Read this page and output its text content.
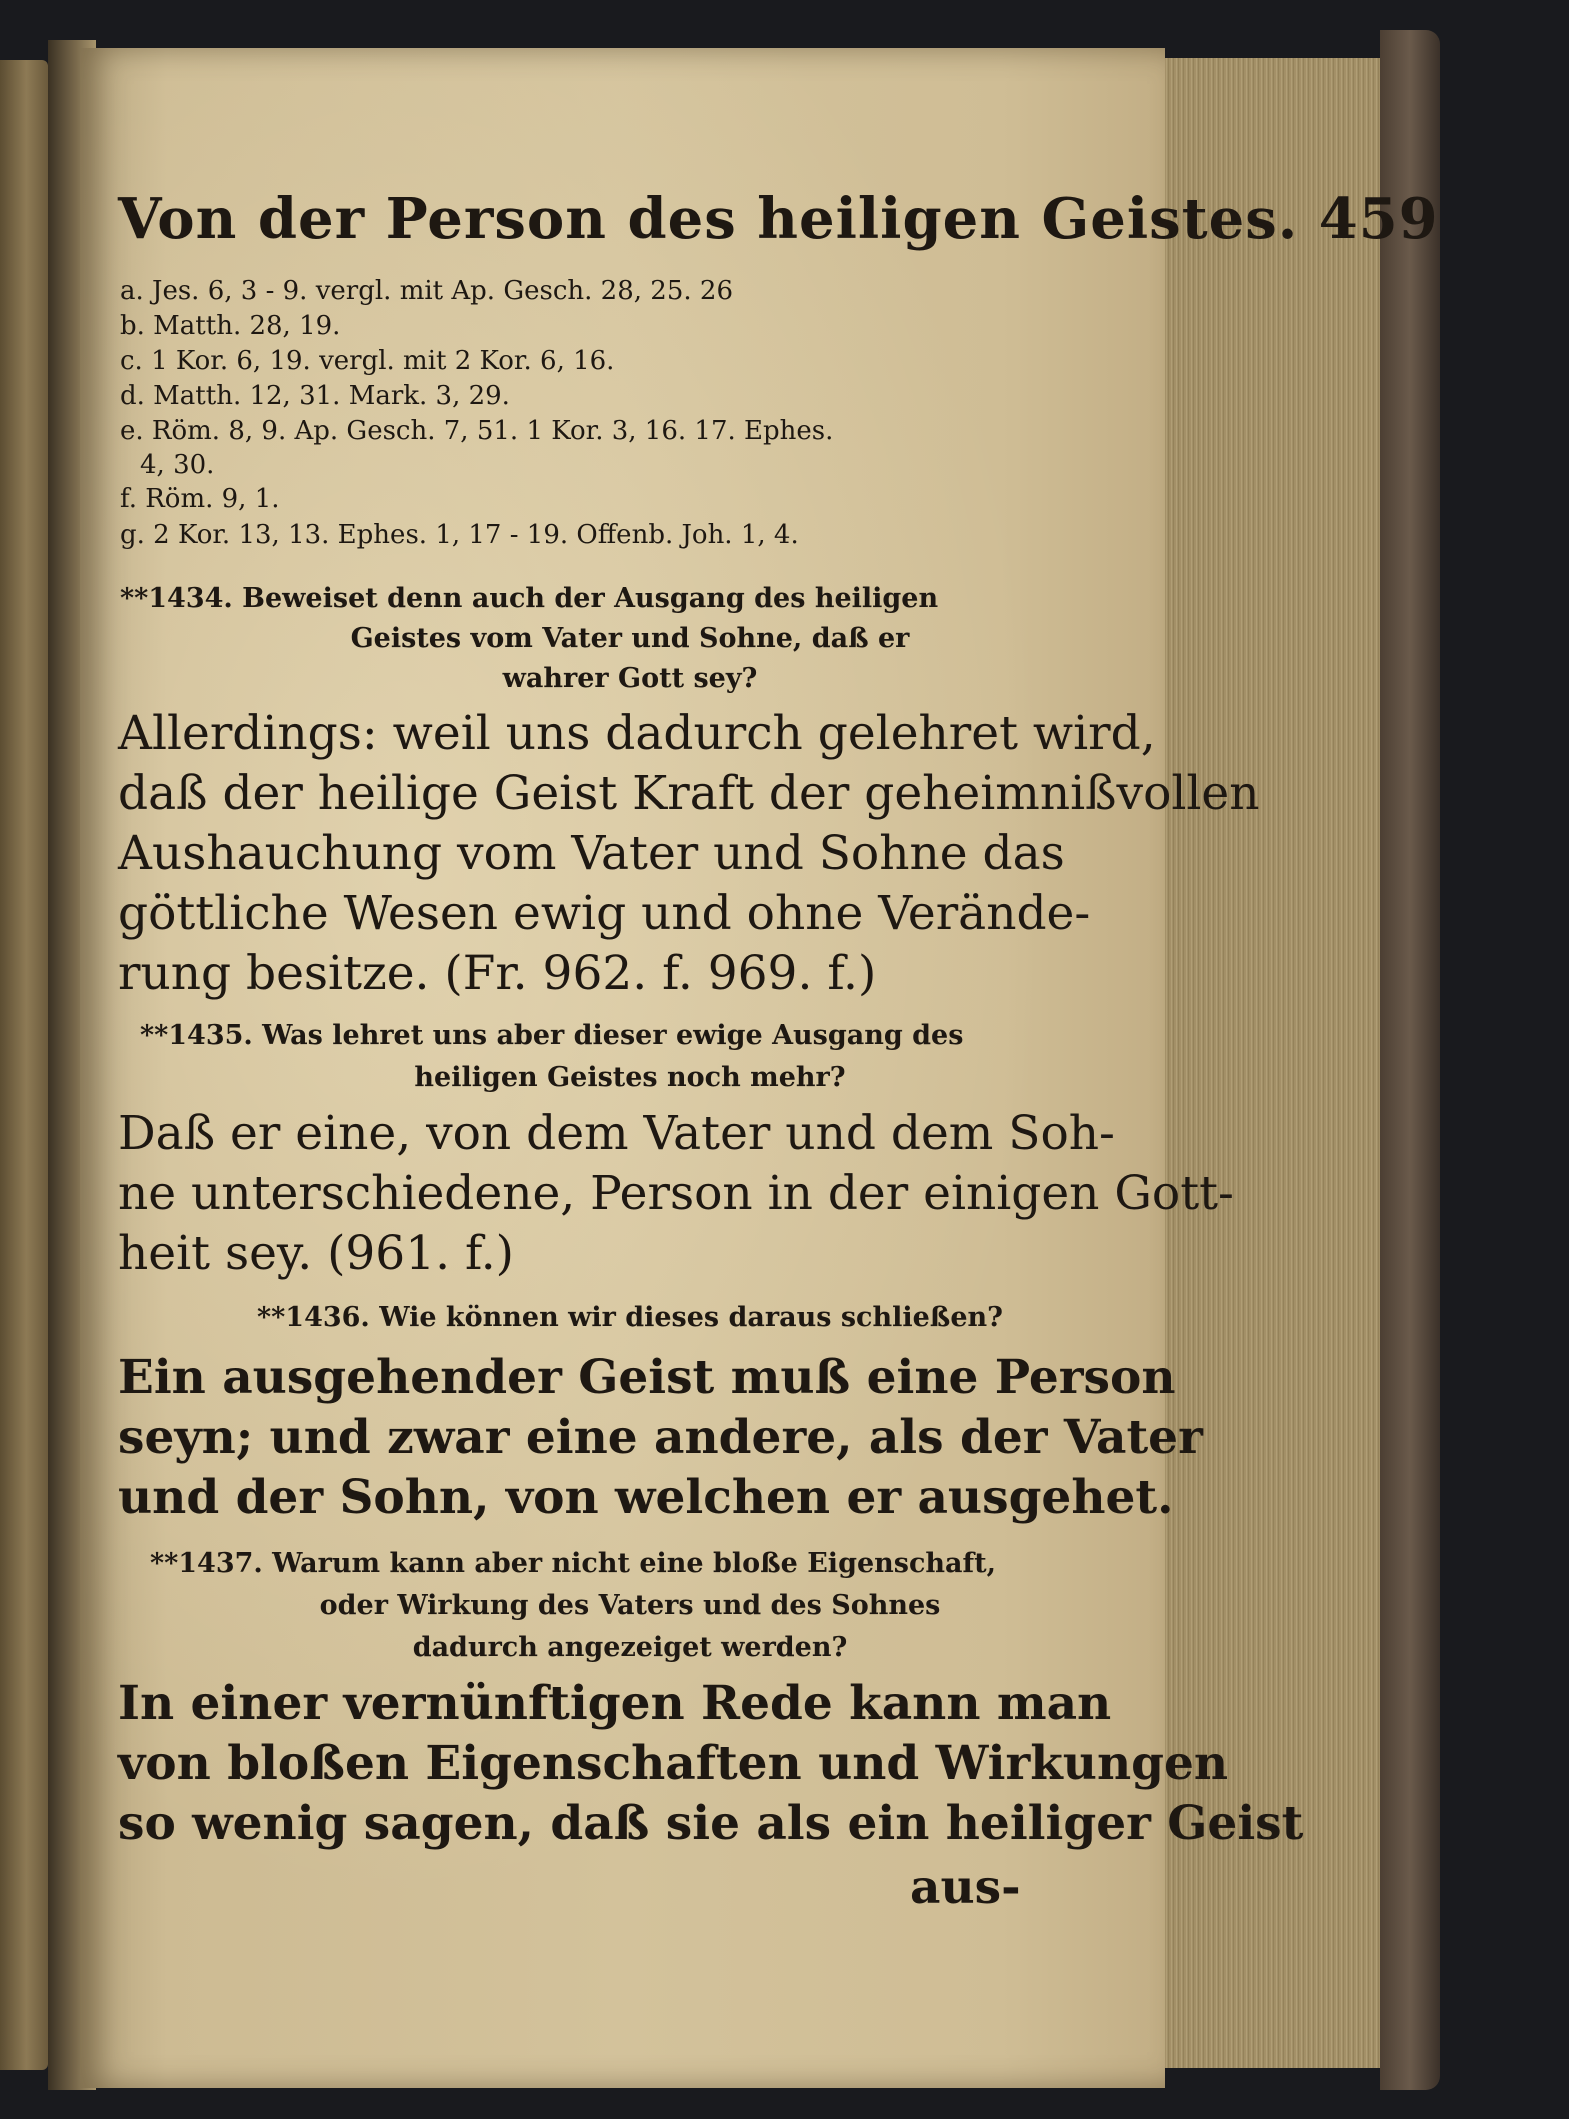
Von der Person des heiligen Geistes. 459
a. Jes. 6, 3 - 9. vergl. mit Ap. Gesch. 28, 25. 26
b. Matth. 28, 19.
c. 1 Kor. 6, 19. vergl. mit 2 Kor. 6, 16.
d. Matth. 12, 31. Mark. 3, 29.
e. Röm. 8, 9. Ap. Gesch. 7, 51. 1 Kor. 3, 16. 17. Ephes.
4, 30.
f. Röm. 9, 1.
g. 2 Kor. 13, 13. Ephes. 1, 17 - 19. Offenb. Joh. 1, 4.
**1434. Beweiset denn auch der Ausgang des heiligen
Geistes vom Vater und Sohne, daß er
wahrer Gott sey?
Allerdings: weil uns dadurch gelehret wird,
daß der heilige Geist Kraft der geheimnißvollen
Aushauchung vom Vater und Sohne das
göttliche Wesen ewig und ohne Verände-
rung besitze. (Fr. 962. f. 969. f.)
**1435. Was lehret uns aber dieser ewige Ausgang des
heiligen Geistes noch mehr?
Daß er eine, von dem Vater und dem Soh-
ne unterschiedene, Person in der einigen Gott-
heit sey. (961. f.)
**1436. Wie können wir dieses daraus schließen?
Ein ausgehender Geist muß eine Person
seyn; und zwar eine andere, als der Vater
und der Sohn, von welchen er ausgehet.
**1437. Warum kann aber nicht eine bloße Eigenschaft,
oder Wirkung des Vaters und des Sohnes
dadurch angezeiget werden?
In einer vernünftigen Rede kann man
von bloßen Eigenschaften und Wirkungen
so wenig sagen, daß sie als ein heiliger Geist
aus-
